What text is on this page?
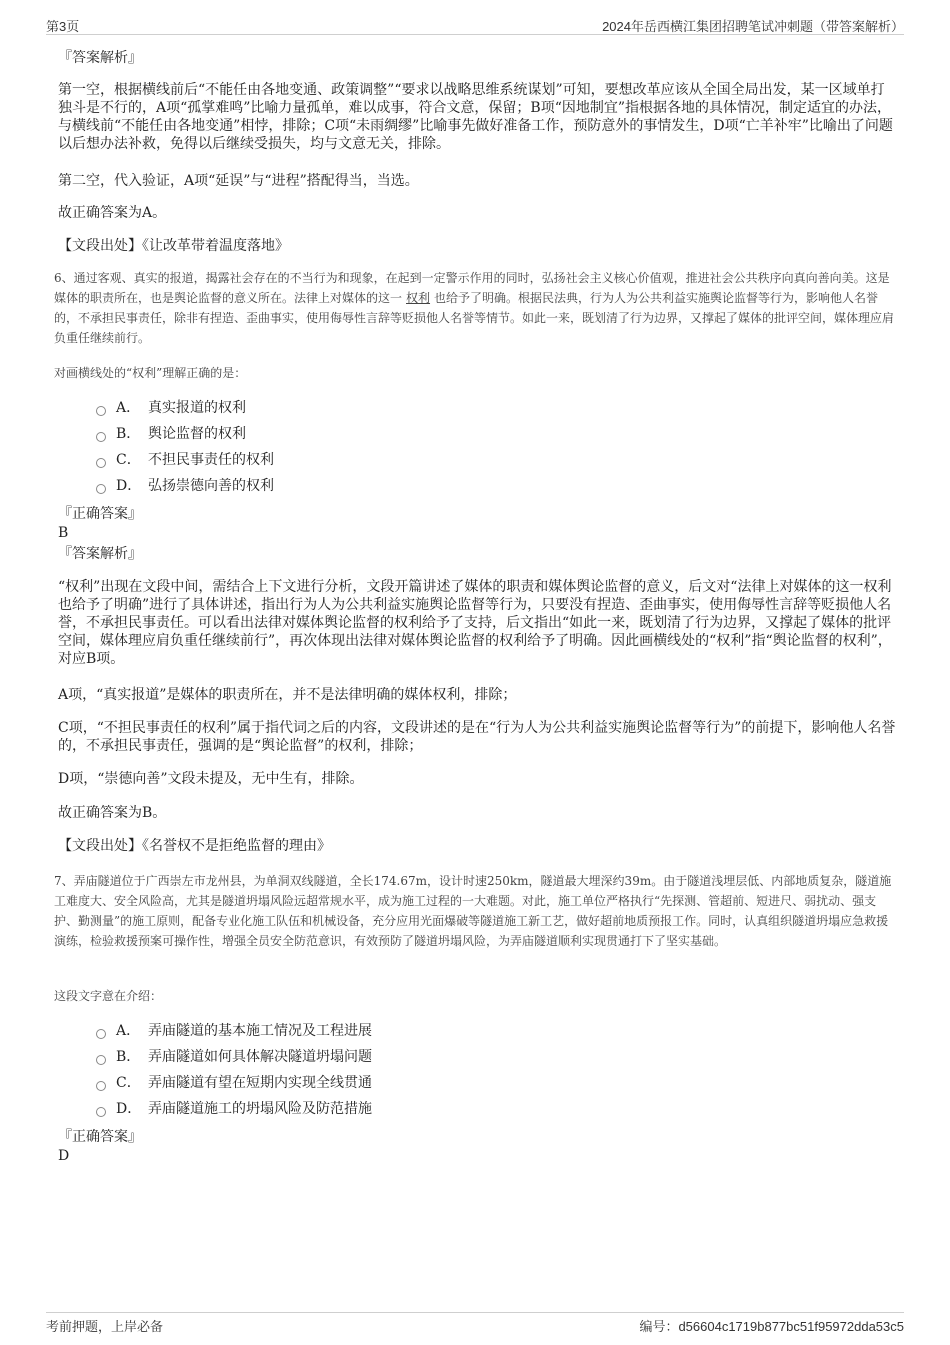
第3页	2024年岳西横江集团招聘笔试冲刺题（带答案解析）
『答案解析』
第一空，根据横线前后“不能任由各地变通、政策调整”“要求以战略思维系统谋划”可知，要想改革应该从全国全局出发，某一区域单打独斗是不行的，A项“孤掌难鸣”比喻力量孤单，难以成事，符合文意，保留；B项“因地制宜”指根据各地的具体情况，制定适宜的办法，与横线前“不能任由各地变通”相悖，排除；C项“未雨绸缪”比喻事先做好准备工作，预防意外的事情发生，D项“亡羊补牢”比喻出了问题以后想办法补救，免得以后继续受损失，均与文意无关，排除。
第二空，代入验证，A项“延误”与“进程”搭配得当，当选。
故正确答案为A。
【文段出处】《让改革带着温度落地》
6、通过客观、真实的报道，揭露社会存在的不当行为和现象，在起到一定警示作用的同时，弘扬社会主义核心价值观，推进社会公共秩序向真向善向美。这是媒体的职责所在，也是舆论监督的意义所在。法律上对媒体的这一 权利 也给予了明确。根据民法典，行为人为公共利益实施舆论监督等行为，影响他人名誉的，不承担民事责任，除非有捏造、歪曲事实，使用侮辱性言辞等贬损他人名誉等情节。如此一来，既划清了行为边界，又撑起了媒体的批评空间，媒体理应肩负重任继续前行。
对画横线处的“权利”理解正确的是：
A． 真实报道的权利
B． 舆论监督的权利
C． 不担民事责任的权利
D． 弘扬崇德向善的权利
『正确答案』
B
『答案解析』
“权利”出现在文段中间，需结合上下文进行分析，文段开篇讲述了媒体的职责和媒体舆论监督的意义，后文对“法律上对媒体的这一权利也给予了明确”进行了具体讲述，指出行为人为公共利益实施舆论监督等行为，只要没有捏造、歪曲事实，使用侮辱性言辞等贬损他人名誉，不承担民事责任。可以看出法律对媒体舆论监督的权利给予了支持，后文指出“如此一来，既划清了行为边界，又撑起了媒体的批评空间，媒体理应肩负重任继续前行”，再次体现出法律对媒体舆论监督的权利给予了明确。因此画横线处的“权利”指“舆论监督的权利”，对应B项。
A项，“真实报道”是媒体的职责所在，并不是法律明确的媒体权利，排除；
C项，“不担民事责任的权利”属于指代词之后的内容，文段讲述的是在“行为人为公共利益实施舆论监督等行为”的前提下，影响他人名誉的，不承担民事责任，强调的是“舆论监督”的权利，排除；
D项，“崇德向善”文段未提及，无中生有，排除。
故正确答案为B。
【文段出处】《名誉权不是拒绝监督的理由》
7、弄庙隧道位于广西崇左市龙州县，为单洞双线隧道，全长174.67m，设计时速250km，隧道最大埋深约39m。由于隧道浅埋层低、内部地质复杂，隧道施工难度大、安全风险高，尤其是隧道坍塌风险远超常规水平，成为施工过程的一大难题。对此，施工单位严格执行“先探测、管超前、短进尺、弱扰动、强支护、勤测量”的施工原则，配备专业化施工队伍和机械设备，充分应用光面爆破等隧道施工新工艺，做好超前地质预报工作。同时，认真组织隧道坍塌应急救援演练，检验救援预案可操作性，增强全员安全防范意识，有效预防了隧道坍塌风险，为弄庙隧道顺利实现贯通打下了坚实基础。
这段文字意在介绍：
A． 弄庙隧道的基本施工情况及工程进展
B． 弄庙隧道如何具体解决隧道坍塌问题
C． 弄庙隧道有望在短期内实现全线贯通
D． 弄庙隧道施工的坍塌风险及防范措施
『正确答案』
D
考前押题，上岸必备	编号：d56604c1719b877bc51f95972dda53c5
